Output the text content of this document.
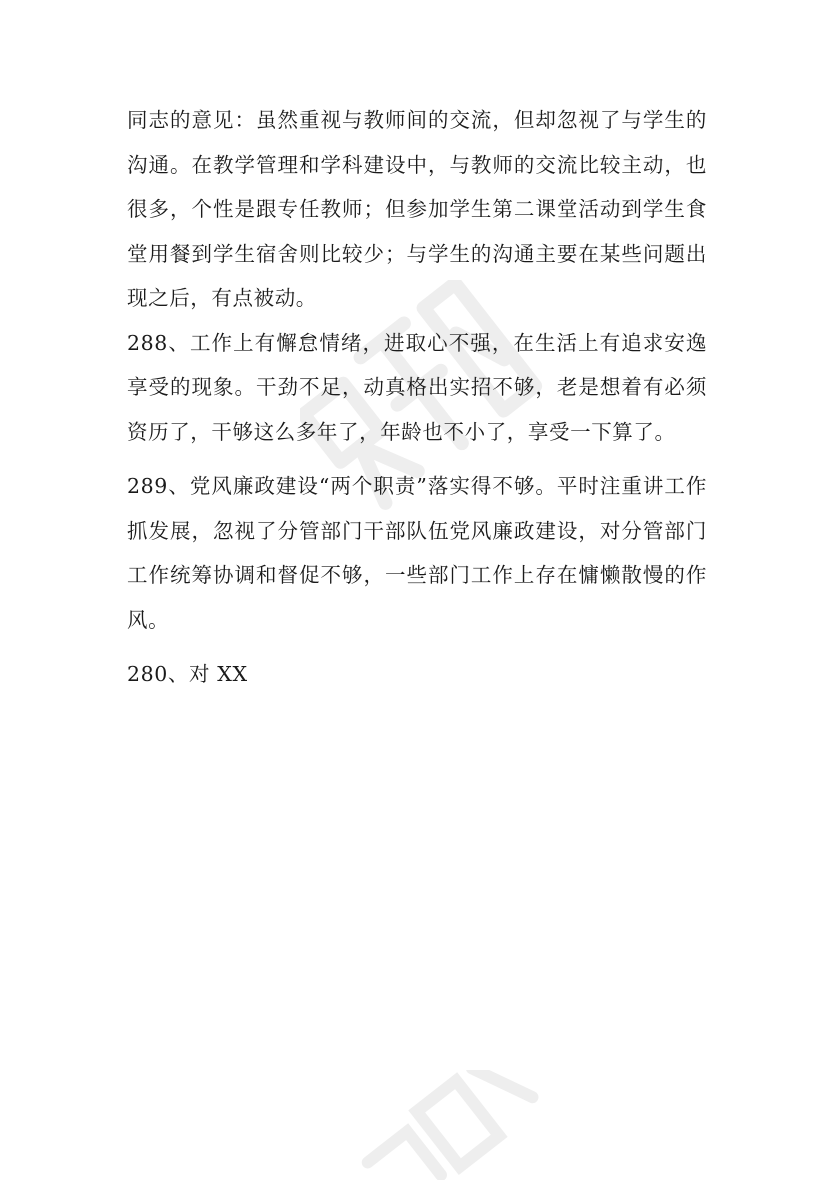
同志的意见：虽然重视与教师间的交流，但却忽视了与学生的沟通。在教学管理和学科建设中，与教师的交流比较主动，也很多，个性是跟专任教师；但参加学生第二课堂活动到学生食堂用餐到学生宿舍则比较少；与学生的沟通主要在某些问题出现之后，有点被动。

288、工作上有懈怠情绪，进取心不强，在生活上有追求安逸享受的现象。干劲不足，动真格出实招不够，老是想着有必须资历了，干够这么多年了，年龄也不小了，享受一下算了。

289、党风廉政建设“两个职责”落实得不够。平时注重讲工作抓发展，忽视了分管部门干部队伍党风廉政建设，对分管部门工作统筹协调和督促不够，一些部门工作上存在慵懒散慢的作风。

280、对 XX
